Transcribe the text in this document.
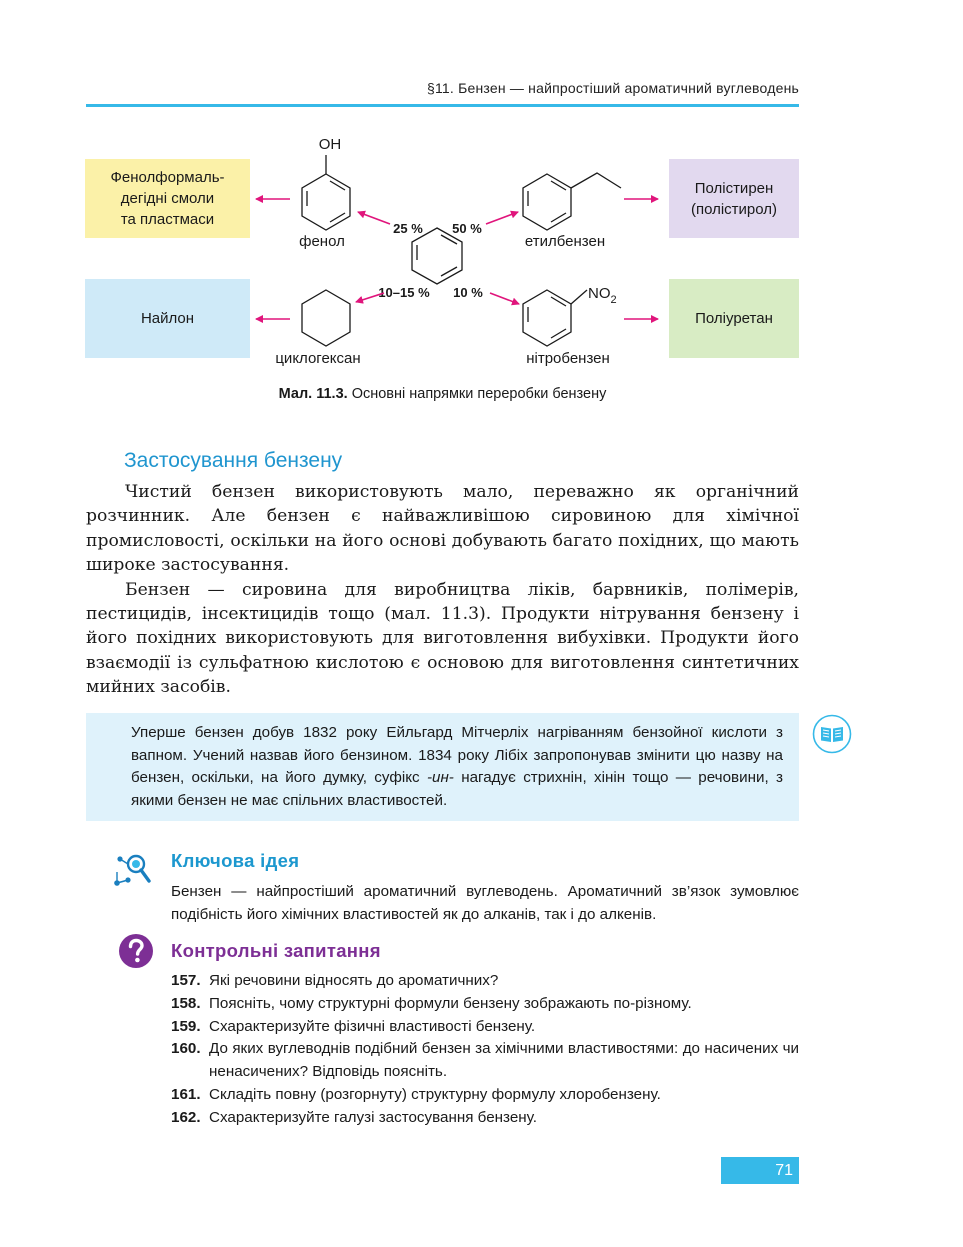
§11. Бензен — найпростіший ароматичний вуглеводень
Фенолформаль-
дегідні смоли
та пластмаси
Полістирен
(полістирол)
Найлон	Поліуретан
OH
фенол	етилбензен
циклогексан
$NO_2$
нітробензен
25 % 50 %
10–15 % 10 %
Мал. 11.3. Основні напрямки переробки бензену
Застосування бензену

Чистий бензен використовують мало, переважно як органічний розчинник. Але бензен є найважливішою сировиною для хімічної промисловості, оскільки на його основі добувають багато похідних, що мають широке застосування.

Бензен — сировина для виробництва ліків, барвників, полімерів, пестицидів, інсектицидів тощо (мал. 11.3). Продукти нітрування бензену і його похідних використовують для виготовлення вибухівки. Продукти його взаємодії із сульфатною кислотою є основою для виготовлення синтетичних мийних засобів.

Уперше бензен добув 1832 року Ейльгард Мітчерліх нагріванням бензойної кислоти з вапном. Учений назвав його бензином. 1834 року Лібіх запропонував змінити цю назву на бензен, оскільки, на його думку, суфікс -ин- нагадує стрихнін, хінін тощо — речовини, з якими бензен не має спільних властивостей.
Ключова ідея
Бензен — найпростіший ароматичний вуглеводень. Ароматичний зв’язок зумовлює подібність його хімічних властивостей як до алканів, так і до алкенів.
Контрольні запитання
157. Які речовини відносять до ароматичних?
158. Поясніть, чому структурні формули бензену зображають по-різному.
159. Схарактеризуйте фізичні властивості бензену.
160. До яких вуглеводнів подібний бензен за хімічними властивостями: до насичених чи ненасичених? Відповідь поясніть.
161. Складіть повну (розгорнуту) структурну формулу хлоробензену.
162. Схарактеризуйте галузі застосування бензену.
71
